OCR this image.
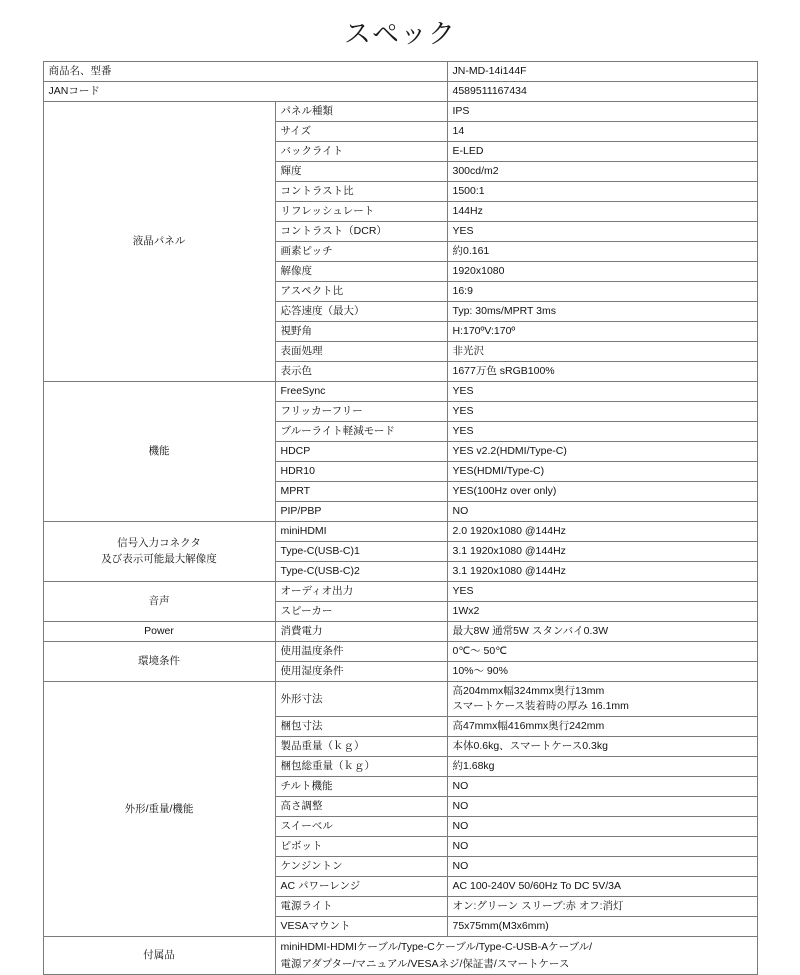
スペック
商品名、型番		JN-MD-14i144F
JANコード		4589511167434
液晶パネル	パネル種類	IPS
	サイズ	14
	バックライト	E-LED
	輝度	300cd/m2
	コントラスト比	1500:1
	リフレッシュレート	144Hz
	コントラスト（DCR）	YES
	画素ピッチ	約0.161
	解像度	1920x1080
	アスペクト比	16:9
	応答速度（最大）	Typ: 30ms/MPRT 3ms
	視野角	H:170ºV:170º
	表面処理	非光沢
	表示色	1677万色 sRGB100%
機能	FreeSync	YES
	フリッカーフリー	YES
	ブルーライト軽減モード	YES
	HDCP	YES v2.2(HDMI/Type-C)
	HDR10	YES(HDMI/Type-C)
	MPRT	YES(100Hz over only)
	PIP/PBP	NO
信号入力コネクタ
及び表示可能最大解像度	miniHDMI	2.0 1920x1080 @144Hz
	Type-C(USB-C)1	3.1 1920x1080 @144Hz
	Type-C(USB-C)2	3.1 1920x1080 @144Hz
音声	オーディオ出力	YES
	スピーカー	1Wx2
Power	消費電力	最大8W 通常5W スタンバイ0.3W
環境条件	使用温度条件	0℃～ 50℃
	使用湿度条件	10%～ 90%
外形/重量/機能	外形寸法	高204mmx幅324mmx奥行13mm
スマートケース装着時の厚み 16.1mm
	梱包寸法	高47mmx幅416mmx奥行242mm
	製品重量（ｋｇ）	本体0.6kg、スマートケース0.3kg
	梱包総重量（ｋｇ）	約1.68kg
	チルト機能	NO
	高さ調整	NO
	スイーベル	NO
	ピボット	NO
	ケンジントン	NO
	AC パワーレンジ	AC 100-240V 50/60Hz To DC 5V/3A
	電源ライト	オン:グリーン スリーブ:赤 オフ:消灯
	VESAマウント	75x75mm(M3x6mm)
付属品	miniHDMI-HDMIケーブル/Type-Cケーブル/Type-C-USB-Aケーブル/
電源アダプター/マニュアル/VESAネジ/保証書/スマートケース	
